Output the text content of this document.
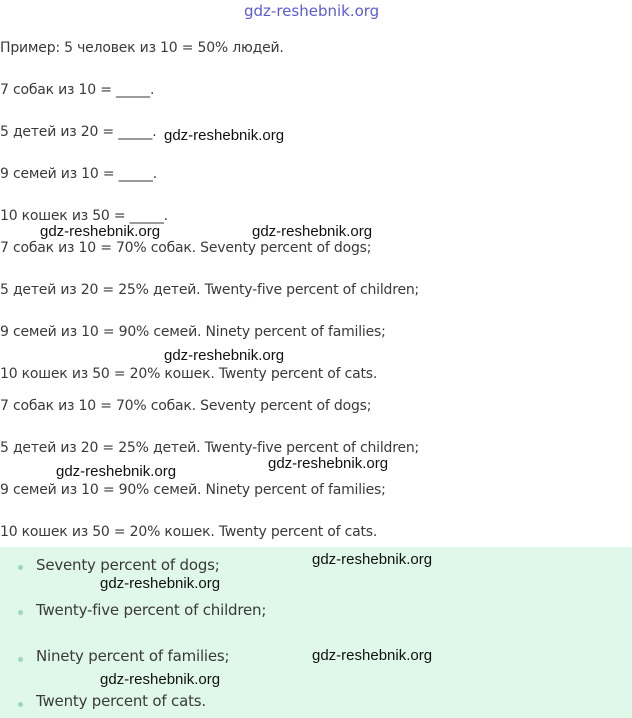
gdz-reshebnik.org
Пример: 5 человек из 10 = 50% людей.
7 собак из 10 = _____.
5 детей из 20 = _____.
9 семей из 10 = _____.
10 кошек из 50 = _____.
7 собак из 10 = 70% собак. Seventy percent of dogs;
5 детей из 20 = 25% детей. Twenty-five percent of children;
9 семей из 10 = 90% семей. Ninety percent of families;
10 кошек из 50 = 20% кошек. Twenty percent of cats.
7 собак из 10 = 70% собак. Seventy percent of dogs;
5 детей из 20 = 25% детей. Twenty-five percent of children;
9 семей из 10 = 90% семей. Ninety percent of families;
10 кошек из 50 = 20% кошек. Twenty percent of cats.
Seventy percent of dogs;
Twenty-five percent of children;
Ninety percent of families;
Twenty percent of cats.
gdz-reshebnik.org
gdz-reshebnik.org	gdz-reshebnik.org
gdz-reshebnik.org
gdz-reshebnik.org
gdz-reshebnik.org
gdz-reshebnik.org
gdz-reshebnik.org
gdz-reshebnik.org
gdz-reshebnik.org
